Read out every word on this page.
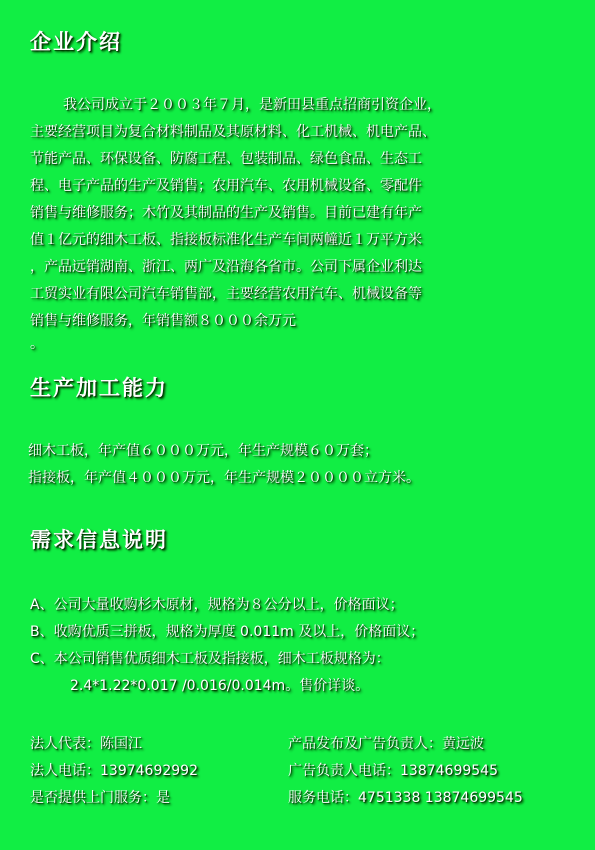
企业介绍
我公司成立于２００３年７月，是新田县重点招商引资企业，
主要经营项目为复合材料制品及其原材料、化工机械、机电产品、
节能产品、环保设备、防腐工程、包装制品、绿色食品、生态工
程、电子产品的生产及销售；农用汽车、农用机械设备、零配件
销售与维修服务；木竹及其制品的生产及销售。目前已建有年产
值１亿元的细木工板、指接板标准化生产车间两幢近１万平方米
，产品远销湖南、浙江、两广及沿海各省市。公司下属企业利达
工贸实业有限公司汽车销售部，主要经营农用汽车、机械设备等
销售与维修服务，年销售额８０００余万元
。
生产加工能力
细木工板，年产值６０００万元，年生产规模６０万套；
指接板，年产值４０００万元，年生产规模２００００立方米。
需求信息说明
A、公司大量收购杉木原材，规格为８公分以上，价格面议；
B、收购优质三拼板，规格为厚度 0.011m 及以上，价格面议；
C、本公司销售优质细木工板及指接板，细木工板规格为：
2.4*1.22*0.017 /0.016/0.014m。售价详谈。
法人代表：陈国江
法人电话：13974692992
是否提供上门服务：是
产品发布及广告负责人：黄远波
广告负责人电话：13874699545
服务电话：4751338 13874699545
